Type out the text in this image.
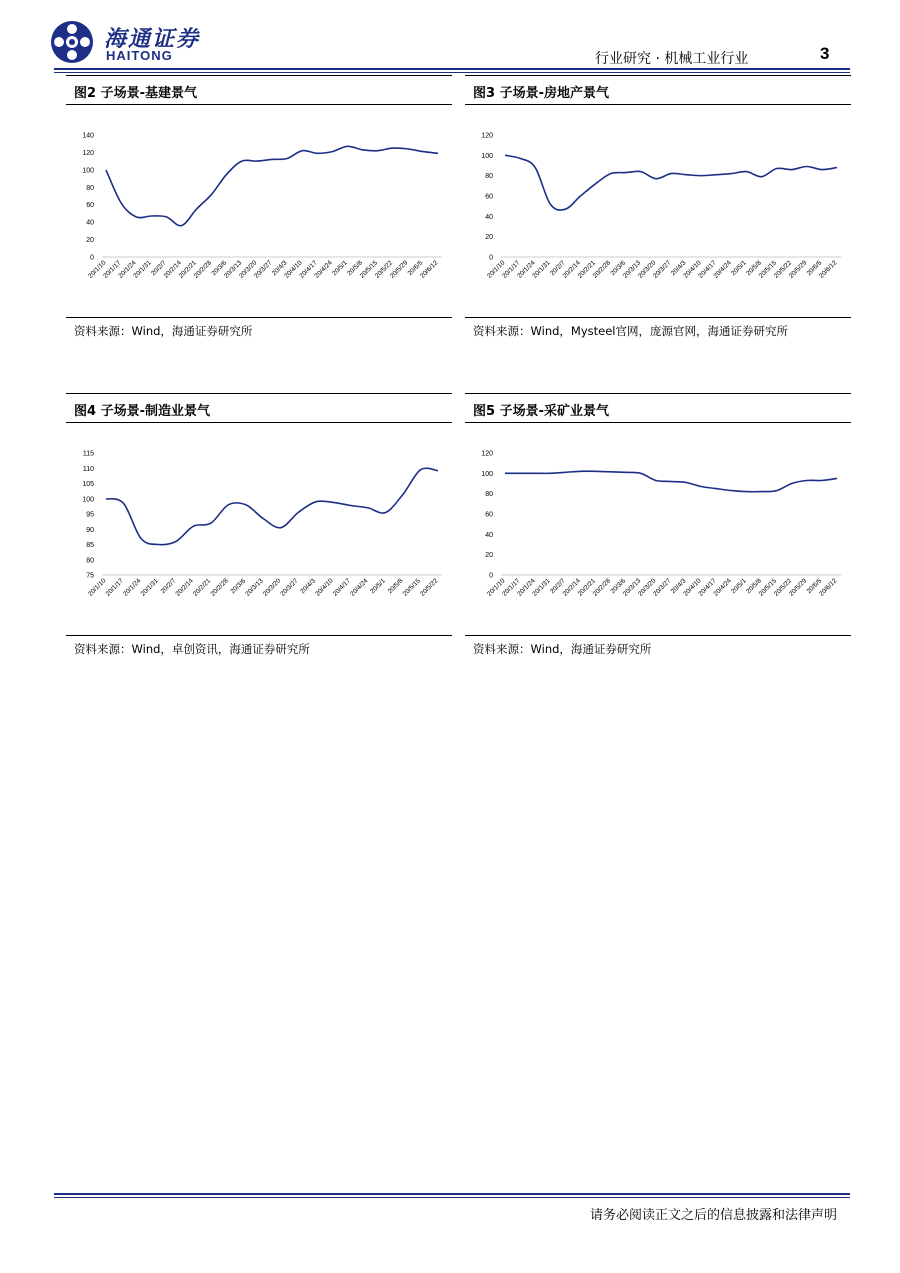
海通证券
HAITONG	行业研究 · 机械工业行业	3
图2 子场景-基建景气
0
20
40
60
80
100
120
140
20/1/10
20/1/17
20/1/24
20/1/31
20/2/7
20/2/14
20/2/21
20/2/28
20/3/6
20/3/13
20/3/20
20/3/27
20/4/3
20/4/10
20/4/17
20/4/24
20/5/1
20/5/8
20/5/15
20/5/22
20/5/29
20/6/5
20/6/12
资料来源：Wind，海通证券研究所
图3 子场景-房地产景气
0
20
40
60
80
100
120
20/1/10
20/1/17
20/1/24
20/1/31
20/2/7
20/2/14
20/2/21
20/2/28
20/3/6
20/3/13
20/3/20
20/3/27
20/4/3
20/4/10
20/4/17
20/4/24
20/5/1
20/5/8
20/5/15
20/5/22
20/5/29
20/6/5
20/6/12
资料来源：Wind，Mysteel官网，庞源官网，海通证券研究所
图4 子场景-制造业景气
75
80
85
90
95
100
105
110
115
20/1/10
20/1/17
20/1/24
20/1/31 20/2/7
20/2/14
20/2/21
20/2/28 20/3/6
20/3/13
20/3/20
20/3/27 20/4/3
20/4/10
20/4/17
20/4/24 20/5/1 20/5/8
20/5/15
20/5/22
资料来源：Wind，卓创资讯，海通证券研究所
图5 子场景-采矿业景气
0
20
40
60
80
100
120
20/1/10
20/1/17
20/1/24
20/1/31
20/2/7
20/2/14
20/2/21
20/2/28
20/3/6
20/3/13
20/3/20
20/3/27
20/4/3
20/4/10
20/4/17
20/4/24
20/5/1
20/5/8
20/5/15
20/5/22
20/5/29
20/6/5
20/6/12
资料来源：Wind，海通证券研究所
请务必阅读正文之后的信息披露和法律声明
